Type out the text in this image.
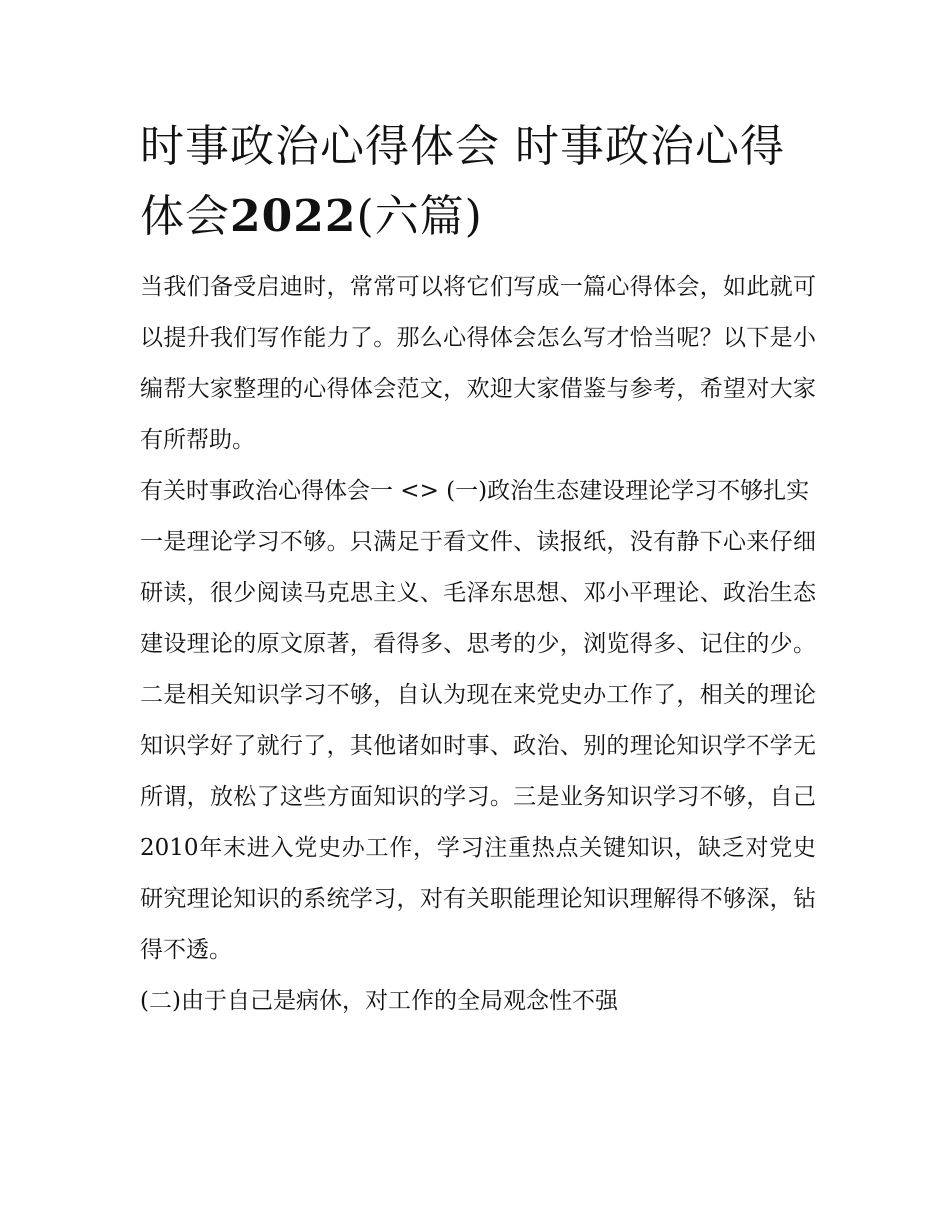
时事政治心得体会 时事政治心得体会2022(六篇)

当我们备受启迪时，常常可以将它们写成一篇心得体会，如此就可以提升我们写作能力了。那么心得体会怎么写才恰当呢？以下是小编帮大家整理的心得体会范文，欢迎大家借鉴与参考，希望对大家有所帮助。

有关时事政治心得体会一 <> (一)政治生态建设理论学习不够扎实

一是理论学习不够。只满足于看文件、读报纸，没有静下心来仔细研读，很少阅读马克思主义、毛泽东思想、邓小平理论、政治生态建设理论的原文原著，看得多、思考的少，浏览得多、记住的少。二是相关知识学习不够，自认为现在来党史办工作了，相关的理论知识学好了就行了，其他诸如时事、政治、别的理论知识学不学无所谓，放松了这些方面知识的学习。三是业务知识学习不够，自己2010年末进入党史办工作，学习注重热点关键知识，缺乏对党史研究理论知识的系统学习，对有关职能理论知识理解得不够深，钻得不透。

(二)由于自己是病休，对工作的全局观念性不强
